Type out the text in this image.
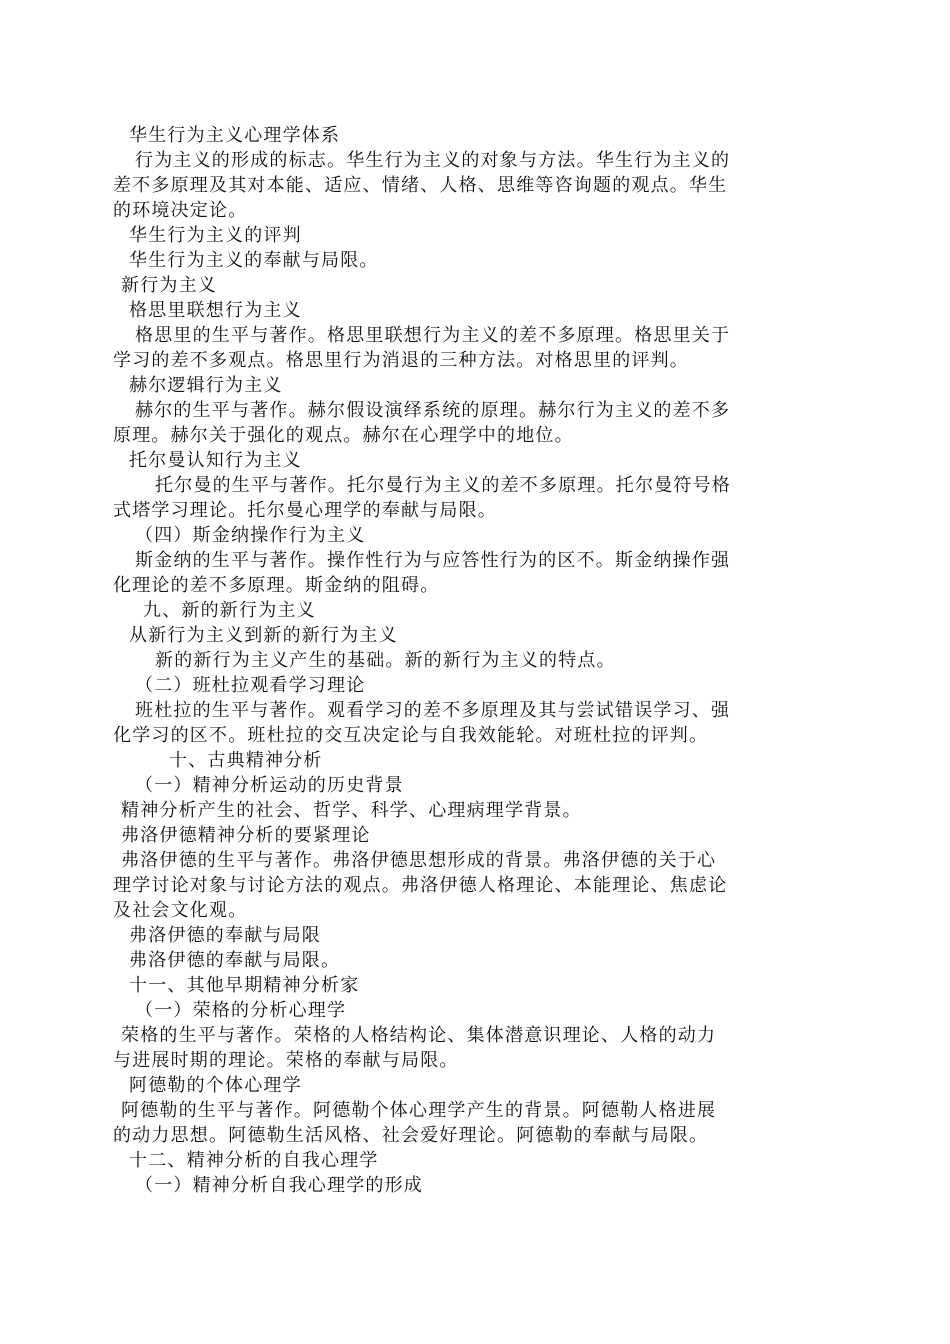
华生行为主义心理学体系
行为主义的形成的标志。华生行为主义的对象与方法。华生行为主义的
差不多原理及其对本能、适应、情绪、人格、思维等咨询题的观点。华生
的环境决定论。
华生行为主义的评判
华生行为主义的奉献与局限。
新行为主义
格思里联想行为主义
格思里的生平与著作。格思里联想行为主义的差不多原理。格思里关于
学习的差不多观点。格思里行为消退的三种方法。对格思里的评判。
赫尔逻辑行为主义
赫尔的生平与著作。赫尔假设演绎系统的原理。赫尔行为主义的差不多
原理。赫尔关于强化的观点。赫尔在心理学中的地位。
托尔曼认知行为主义
托尔曼的生平与著作。托尔曼行为主义的差不多原理。托尔曼符号格
式塔学习理论。托尔曼心理学的奉献与局限。
（四）斯金纳操作行为主义
斯金纳的生平与著作。操作性行为与应答性行为的区不。斯金纳操作强
化理论的差不多原理。斯金纳的阻碍。
九、新的新行为主义
从新行为主义到新的新行为主义
新的新行为主义产生的基础。新的新行为主义的特点。
（二）班杜拉观看学习理论
班杜拉的生平与著作。观看学习的差不多原理及其与尝试错误学习、强
化学习的区不。班杜拉的交互决定论与自我效能轮。对班杜拉的评判。
十、古典精神分析
（一）精神分析运动的历史背景
精神分析产生的社会、哲学、科学、心理病理学背景。
弗洛伊德精神分析的要紧理论
弗洛伊德的生平与著作。弗洛伊德思想形成的背景。弗洛伊德的关于心
理学讨论对象与讨论方法的观点。弗洛伊德人格理论、本能理论、焦虑论
及社会文化观。
弗洛伊德的奉献与局限
弗洛伊德的奉献与局限。
十一、其他早期精神分析家
（一）荣格的分析心理学
荣格的生平与著作。荣格的人格结构论、集体潜意识理论、人格的动力
与进展时期的理论。荣格的奉献与局限。
阿德勒的个体心理学
阿德勒的生平与著作。阿德勒个体心理学产生的背景。阿德勒人格进展
的动力思想。阿德勒生活风格、社会爱好理论。阿德勒的奉献与局限。
十二、精神分析的自我心理学
（一）精神分析自我心理学的形成
